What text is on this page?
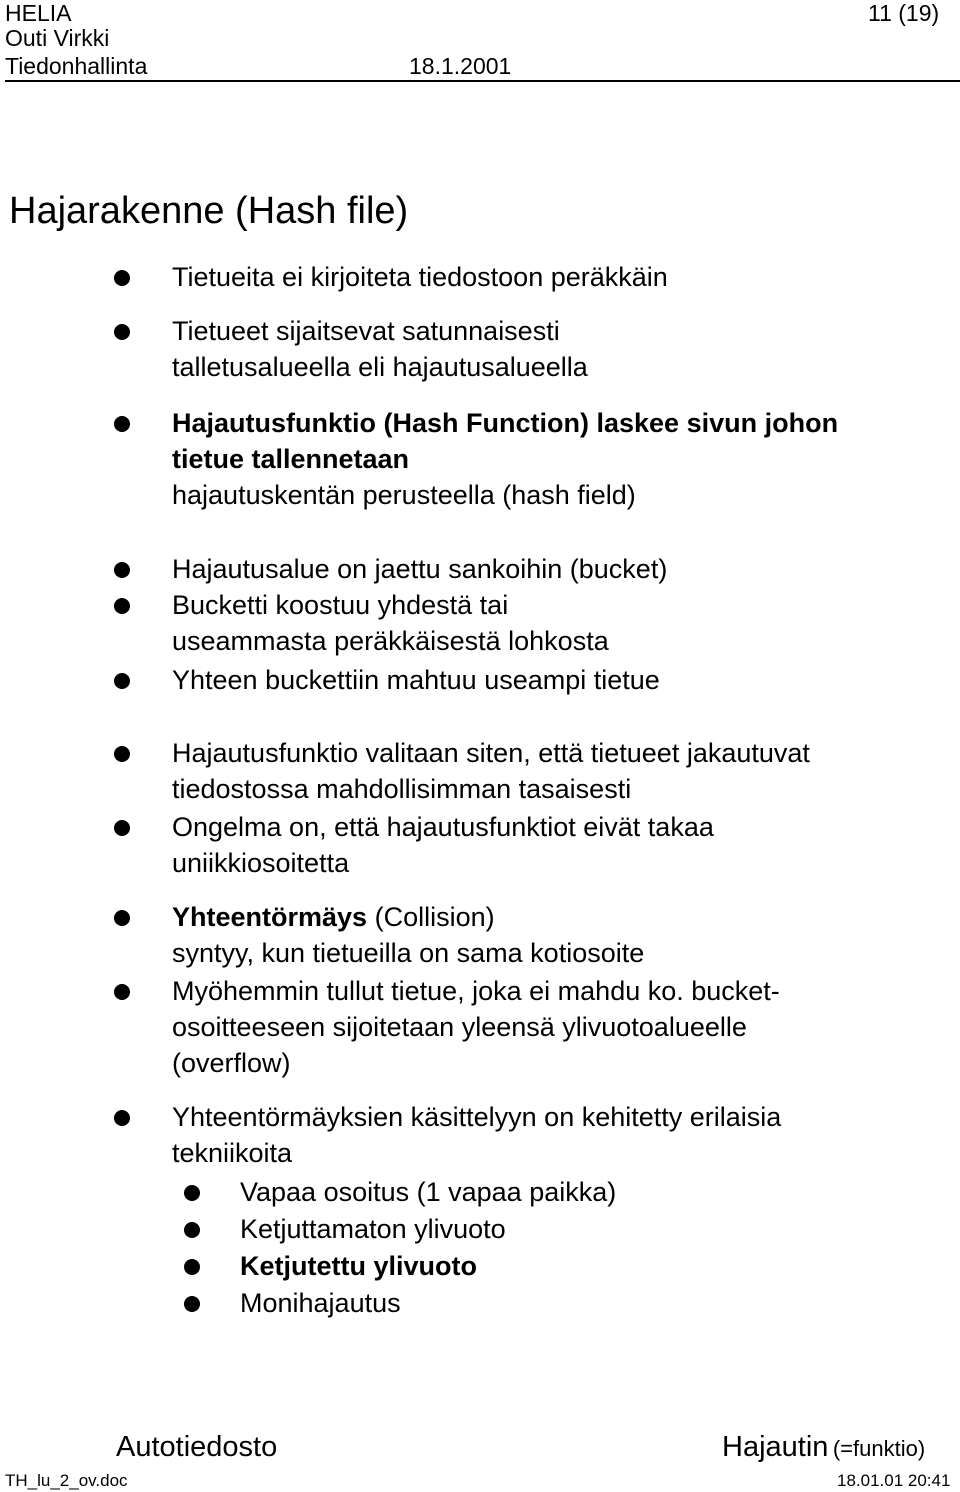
HELIA	11 (19)
Outi Virkki
Tiedonhallinta	18.1.2001
Hajarakenne (Hash file)
Tietueita ei kirjoiteta tiedostoon peräkkäin
Tietueet sijaitsevat satunnaisesti
talletusalueella eli hajautusalueella
Hajautusfunktio (Hash Function) laskee sivun johon
tietue tallennetaan
hajautuskentän perusteella (hash field)
Hajautusalue on jaettu sankoihin (bucket)
Bucketti koostuu yhdestä tai
useammasta peräkkäisestä lohkosta
Yhteen buckettiin mahtuu useampi tietue
Hajautusfunktio valitaan siten, että tietueet jakautuvat
tiedostossa mahdollisimman tasaisesti
Ongelma on, että hajautusfunktiot eivät takaa
uniikkiosoitetta
Yhteentörmäys (Collision)
syntyy, kun tietueilla on sama kotiosoite
Myöhemmin tullut tietue, joka ei mahdu ko. bucket-
osoitteeseen sijoitetaan yleensä ylivuotoalueelle
(overflow)
Yhteentörmäyksien käsittelyyn on kehitetty erilaisia
tekniikoita
Vapaa osoitus (1 vapaa paikka)
Ketjuttamaton ylivuoto
Ketjutettu ylivuoto
Monihajautus
Autotiedosto	Hajautin (=funktio)
TH_lu_2_ov.doc	18.01.01 20:41
